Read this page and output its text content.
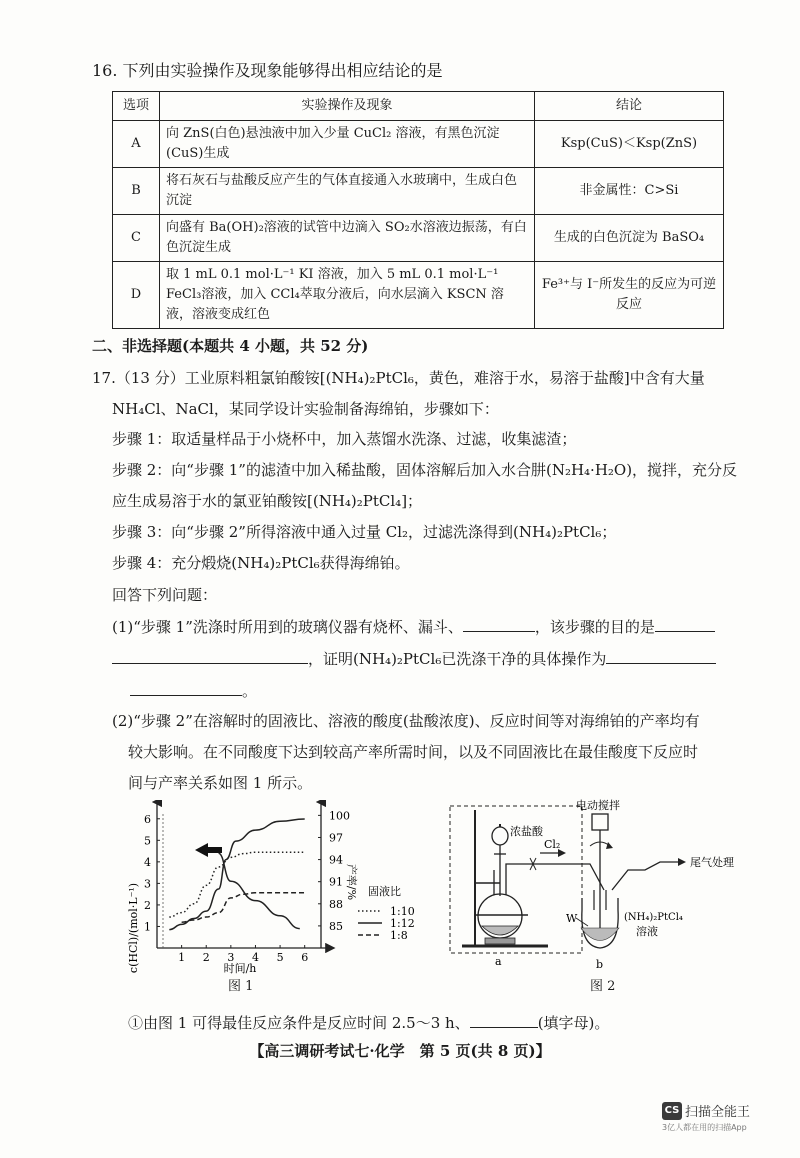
16. 下列由实验操作及现象能够得出相应结论的是
选项	实验操作及现象	结论
A	向 ZnS(白色)悬浊液中加入少量 CuCl₂ 溶液，有黑色沉淀(CuS)生成	Ksp(CuS)＜Ksp(ZnS)
B	将石灰石与盐酸反应产生的气体直接通入水玻璃中，生成白色沉淀	非金属性：C>Si
C	向盛有 Ba(OH)₂溶液的试管中边滴入 SO₂水溶液边振荡，有白色沉淀生成	生成的白色沉淀为 BaSO₄
D	取 1 mL 0.1 mol·L⁻¹ KI 溶液，加入 5 mL 0.1 mol·L⁻¹ FeCl₃溶液，加入 CCl₄萃取分液后，向水层滴入 KSCN 溶液，溶液变成红色	Fe³⁺与 I⁻所发生的反应为可逆反应
二、非选择题(本题共 4 小题，共 52 分)
17.（13 分）工业原料粗氯铂酸铵[(NH₄)₂PtCl₆，黄色，难溶于水，易溶于盐酸]中含有大量
NH₄Cl、NaCl，某同学设计实验制备海绵铂，步骤如下：
步骤 1：取适量样品于小烧杯中，加入蒸馏水洗涤、过滤，收集滤渣；
步骤 2：向“步骤 1”的滤渣中加入稀盐酸，固体溶解后加入水合肼(N₂H₄·H₂O)，搅拌，充分反
应生成易溶于水的氯亚铂酸铵[(NH₄)₂PtCl₄]；
步骤 3：向“步骤 2”所得溶液中通入过量 Cl₂，过滤洗涤得到(NH₄)₂PtCl₆；
步骤 4：充分煅烧(NH₄)₂PtCl₆获得海绵铂。
回答下列问题：
(1)“步骤 1”洗涤时所用到的玻璃仪器有烧杯、漏斗、	，该步骤的目的是
，证明(NH₄)₂PtCl₆已洗涤干净的具体操作为
。
(2)“步骤 2”在溶解时的固液比、溶液的酸度(盐酸浓度)、反应时间等对海绵铂的产率均有
较大影响。在不同酸度下达到较高产率所需时间，以及不同固液比在最佳酸度下反应时
间与产率关系如图 1 所示。
1 2 3 4 5 6
1
2
3
4
5
6
85
88
91
94
97
100
c(HCl)/(mol·L⁻¹)
产率/%
时间/h
固液比
1:10
1:12
1:8
图 1
浓盐酸
a
Cl₂
电动搅拌
W	(NH₄)₂PtCl₄
溶液
b
尾气处理
图 2
①由图 1 可得最佳反应条件是反应时间 2.5～3 h、	(填字母)。
【高三调研考试七·化学　第 5 页(共 8 页)】
CS 扫描全能王
3亿人都在用的扫描App
